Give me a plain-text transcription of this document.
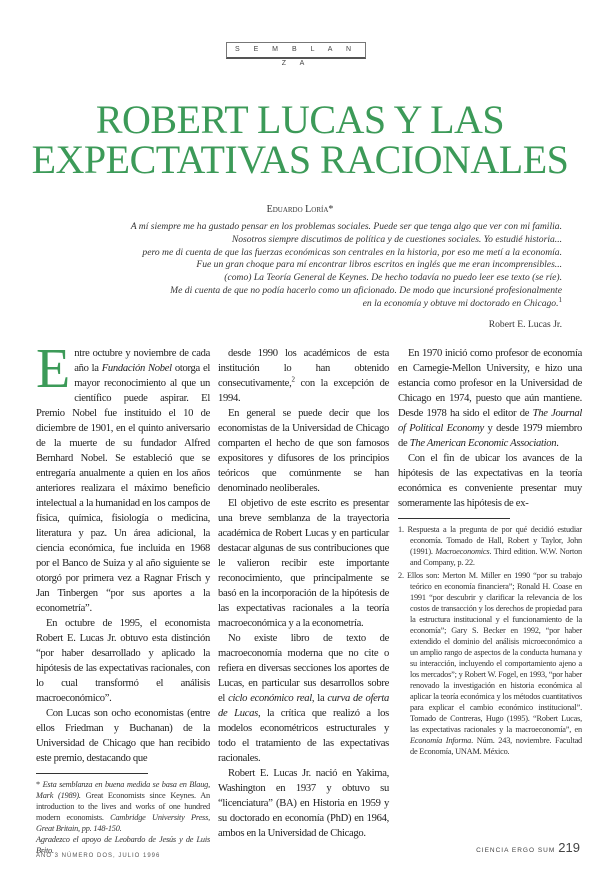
S E M B L A N Z A
ROBERT LUCAS Y LAS
EXPECTATIVAS RACIONALES
Eduardo Loría*
A mí siempre me ha gustado pensar en los problemas sociales. Puede ser que tenga algo que ver con mi familia.
Nosotros siempre discutimos de política y de cuestiones sociales. Yo estudié historia...
pero me di cuenta de que las fuerzas económicas son centrales en la historia, por eso me metí a la economía.
Fue un gran choque para mí encontrar libros escritos en inglés que me eran incomprensibles...
(como) La Teoría General de Keynes. De hecho todavía no puedo leer ese texto (se ríe).
Me di cuenta de que no podía hacerlo como un aficionado. De modo que incursioné profesionalmente
en la economía y obtuve mi doctorado en Chicago.$^1$
Robert E. Lucas Jr.
E ntre octubre y noviembre de cada año la Fundación Nobel otorga el mayor reconocimiento al que un científico puede aspirar. El Premio Nobel fue instituido el 10 de diciembre de 1901, en el quinto aniversario de la muerte de su fundador Alfred Bernhard Nobel. Se estableció que se entregaría anualmente a quien en los años anteriores realizara el máximo beneficio intelectual a la humanidad en los campos de física, química, fisiología o medicina, literatura y paz. Un área adicional, la ciencia económica, fue incluida en 1968 por el Banco de Suiza y al año siguiente se otorgó por primera vez a Ragnar Frisch y Jan Tinbergen “por sus aportes a la econometría”.

En octubre de 1995, el economista Robert E. Lucas Jr. obtuvo esta distinción “por haber desarrollado y aplicado la hipótesis de las expectativas racionales, con lo cual transformó el análisis macroeconómico”.

Con Lucas son ocho economistas (entre ellos Friedman y Buchanan) de la Universidad de Chicago que han recibido este premio, destacando que

* Esta semblanza en buena medida se basa en Blaug, Mark (1989). Great Economists since Keynes. An introduction to the lives and works of one hundred modern economists. Cambridge University Press, Great Britain, pp. 148-150.
Agradezco el apoyo de Leobardo de Jesús y de Luis Brito.

desde 1990 los académicos de esta institución lo han obtenido consecutivamente,$^2$ con la excepción de 1994.

En general se puede decir que los economistas de la Universidad de Chicago comparten el hecho de que son famosos expositores y difusores de los principios teóricos que comúnmente se han denominado neoliberales.

El objetivo de este escrito es presentar una breve semblanza de la trayectoria académica de Robert Lucas y en particular destacar algunas de sus contribuciones que le valieron recibir este importante reconocimiento, que principalmente se basó en la incorporación de la hipótesis de las expectativas racionales a la teoría macroeconómica y a la econometría.

No existe libro de texto de macroeconomía moderna que no cite o refiera en diversas secciones los aportes de Lucas, en particular sus desarrollos sobre el ciclo económico real, la curva de oferta de Lucas, la crítica que realizó a los modelos econométricos estructurales y todo el tratamiento de las expectativas racionales.

Robert E. Lucas Jr. nació en Yakima, Washington en 1937 y obtuvo su “licenciatura” (BA) en Historia en 1959 y su doctorado en economía (PhD) en 1964, ambos en la Universidad de Chicago.

En 1970 inició como profesor de economía en Carnegie-Mellon University, e hizo una estancia como profesor en la Universidad de Chicago en 1974, puesto que aún mantiene. Desde 1978 ha sido el editor de The Journal of Political Economy y desde 1979 miembro de The American Economic Association.

Con el fin de ubicar los avances de la hipótesis de las expectativas en la teoría económica es conveniente presentar muy someramente las hipótesis de ex-

1. Respuesta a la pregunta de por qué decidió estudiar economía. Tomado de Hall, Robert y Taylor, John (1991). Macroeconomics. Third edition. W.W. Norton and Company, p. 22.
2. Ellos son: Merton M. Miller en 1990 “por su trabajo teórico en economía financiera”; Ronald H. Coase en 1991 “por descubrir y clarificar la relevancia de los costos de transacción y los derechos de propiedad para la estructura institucional y el funcionamiento de la economía”; Gary S. Becker en 1992, “por haber extendido el dominio del análisis microeconómico a un amplio rango de aspectos de la conducta humana y su interacción, incluyendo el comportamiento ajeno a los mercados”; y Robert W. Fogel, en 1993, “por haber renovado la investigación en historia económica al aplicar la teoría económica y los métodos cuantitativos para explicar el cambio económico institucional”. Tomado de Contreras, Hugo (1995). “Robert Lucas, las expectativas racionales y la macroeconomía”, en Economía Informa. Núm. 243, noviembre. Facultad de Economía, UNAM. México.
AÑO 3 NÚMERO DOS, JULIO 1996
CIENCIA ERGO SUM 219
